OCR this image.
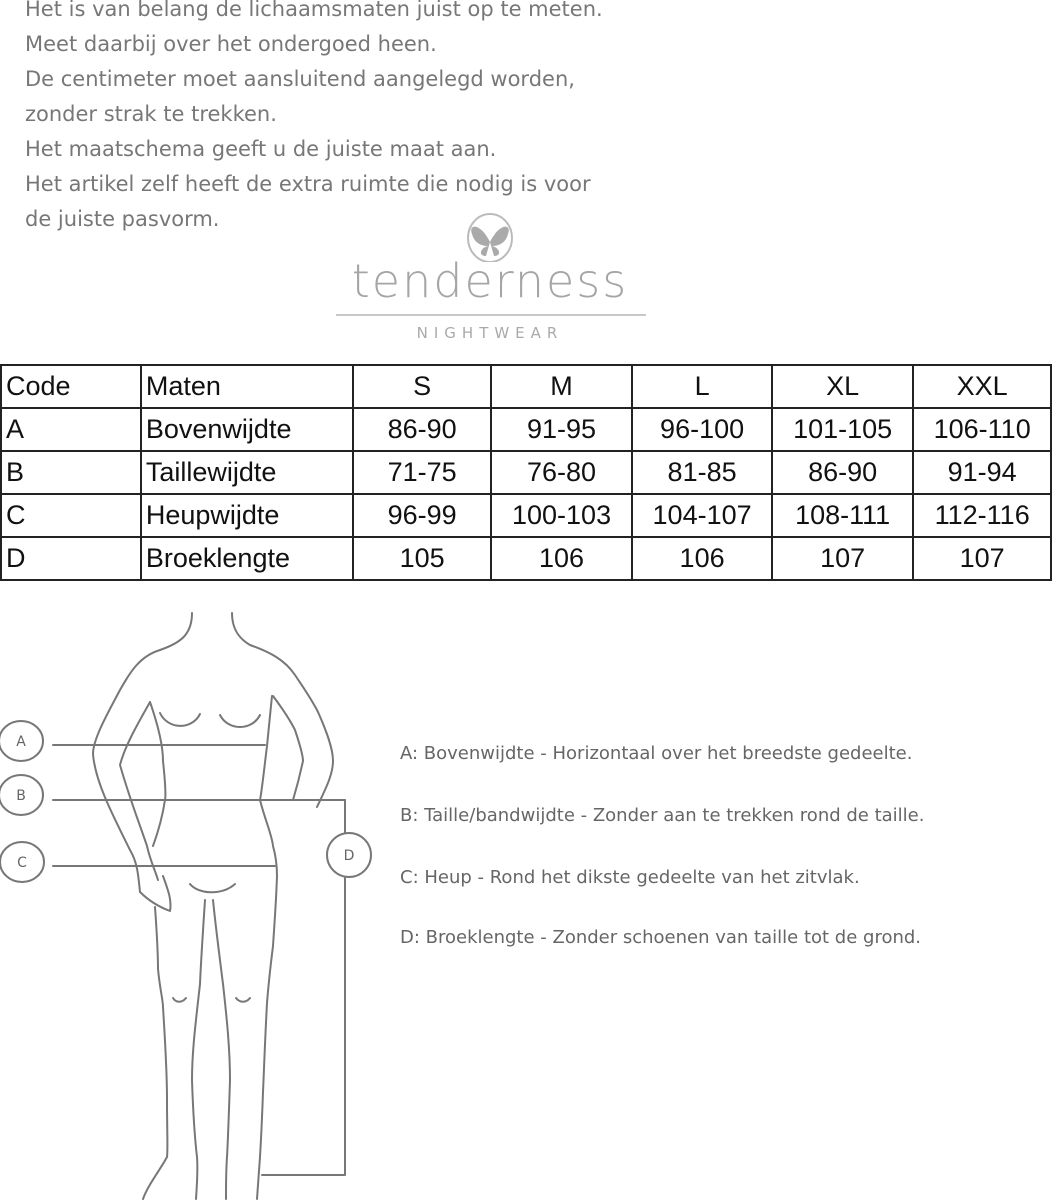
Het is van belang de lichaamsmaten juist op te meten.
Meet daarbij over het ondergoed heen.
De centimeter moet aansluitend aangelegd worden,
zonder strak te trekken.
Het maatschema geeft u de juiste maat aan.
Het artikel zelf heeft de extra ruimte die nodig is voor
de juiste pasvorm.
tenderness
NIGHTWEAR
Code	Maten	S	M	L	XL	XXL
A	Bovenwijdte	86-90	91-95	96-100	101-105	106-110
B	Taillewijdte	71-75	76-80	81-85	86-90	91-94
C	Heupwijdte	96-99	100-103	104-107	108-111	112-116
D	Broeklengte	105	106	106	107	107
A
B
C	D
A: Bovenwijdte - Horizontaal over het breedste gedeelte.
B: Taille/bandwijdte - Zonder aan te trekken rond de taille.
C: Heup - Rond het dikste gedeelte van het zitvlak.
D: Broeklengte - Zonder schoenen van taille tot de grond.
